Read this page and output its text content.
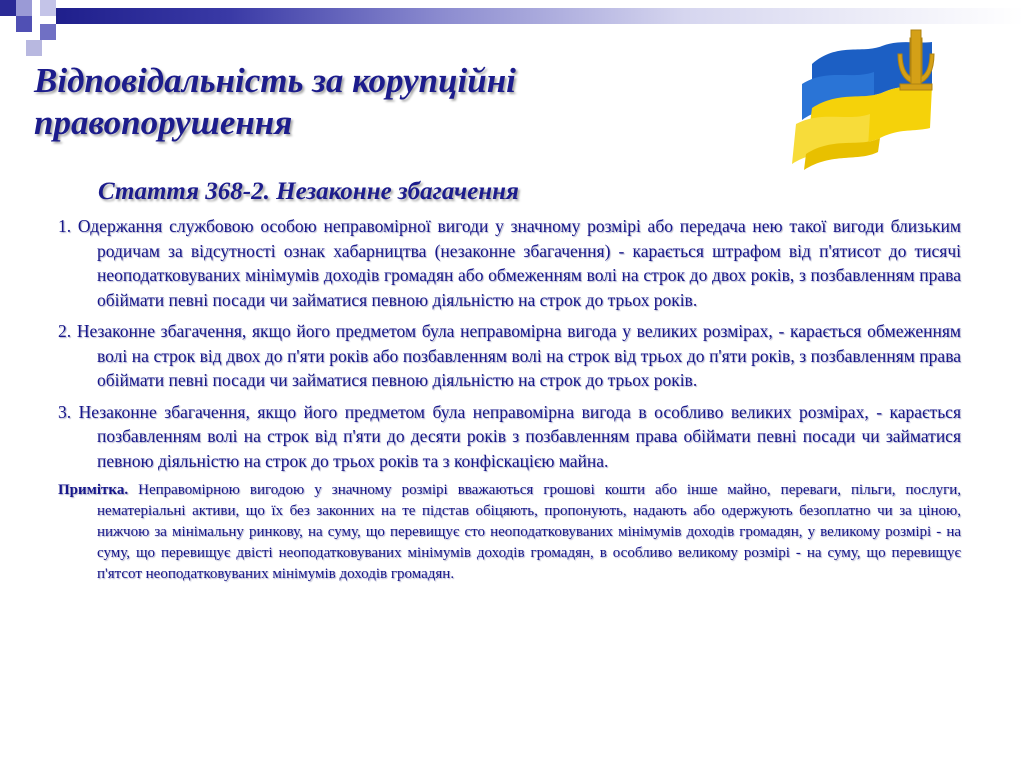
Відповідальність за корупційні правопорушення
Стаття 368-2. Незаконне збагачення

1. Одержання службовою особою неправомірної вигоди у значному розмірі або передача нею такої вигоди близьким родичам за відсутності ознак хабарництва (незаконне збагачення) - карається штрафом від п'ятисот до тисячі неоподатковуваних мінімумів доходів громадян або обмеженням волі на строк до двох років, з позбавленням права обіймати певні посади чи займатися певною діяльністю на строк до трьох років.

2. Незаконне збагачення, якщо його предметом була неправомірна вигода у великих розмірах, - карається обмеженням волі на строк від двох до п'яти років або позбавленням волі на строк від трьох до п'яти років, з позбавленням права обіймати певні посади чи займатися певною діяльністю на строк до трьох років.

3. Незаконне збагачення, якщо його предметом була неправомірна вигода в особливо великих розмірах, - карається позбавленням волі на строк від п'яти до десяти років з позбавленням права обіймати певні посади чи займатися певною діяльністю на строк до трьох років та з конфіскацією майна.

Примітка. Неправомірною вигодою у значному розмірі вважаються грошові кошти або інше майно, переваги, пільги, послуги, нематеріальні активи, що їх без законних на те підстав обіцяють, пропонують, надають або одержують безоплатно чи за ціною, нижчою за мінімальну ринкову, на суму, що перевищує сто неоподатковуваних мінімумів доходів громадян, у великому розмірі - на суму, що перевищує двісті неоподатковуваних мінімумів доходів громадян, в особливо великому розмірі - на суму, що перевищує п'ятсот неоподатковуваних мінімумів доходів громадян.
